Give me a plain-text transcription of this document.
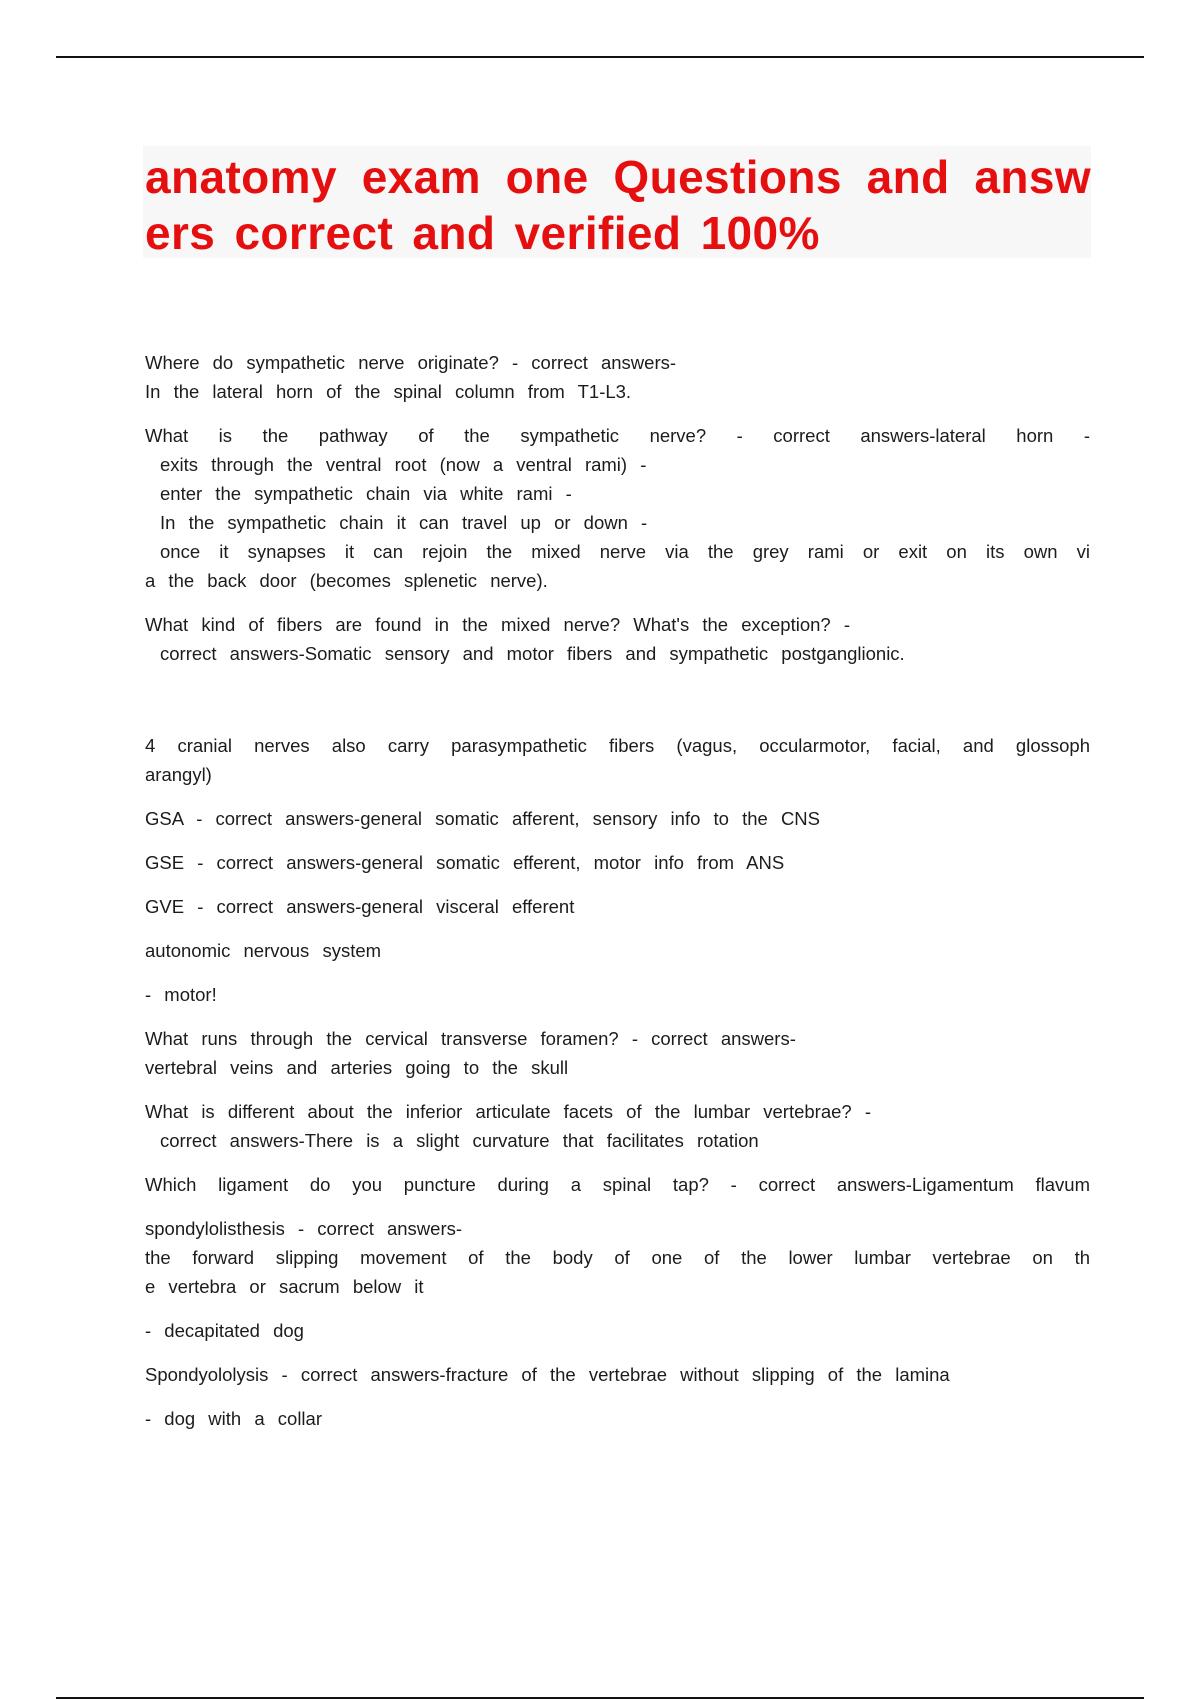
anatomy exam one Questions and answ
ers correct and verified 100%
Where do sympathetic nerve originate? - correct answers-
In the lateral horn of the spinal column from T1-L3.
What is the pathway of the sympathetic nerve? - correct answers-lateral horn -
exits through the ventral root (now a ventral rami) -
enter the sympathetic chain via white rami -
In the sympathetic chain it can travel up or down -
once it synapses it can rejoin the mixed nerve via the grey rami or exit on its own vi
a the back door (becomes splenetic nerve).
What kind of fibers are found in the mixed nerve? What's the exception? -
correct answers-Somatic sensory and motor fibers and sympathetic postganglionic.
4 cranial nerves also carry parasympathetic fibers (vagus, occularmotor, facial, and glossoph
arangyl)
GSA - correct answers-general somatic afferent, sensory info to the CNS
GSE - correct answers-general somatic efferent, motor info from ANS
GVE - correct answers-general visceral efferent
autonomic nervous system
- motor!
What runs through the cervical transverse foramen? - correct answers-
vertebral veins and arteries going to the skull
What is different about the inferior articulate facets of the lumbar vertebrae? -
correct answers-There is a slight curvature that facilitates rotation
Which ligament do you puncture during a spinal tap? - correct answers-Ligamentum flavum
spondylolisthesis - correct answers-
the forward slipping movement of the body of one of the lower lumbar vertebrae on th
e vertebra or sacrum below it
- decapitated dog
Spondyololysis - correct answers-fracture of the vertebrae without slipping of the lamina
- dog with a collar
